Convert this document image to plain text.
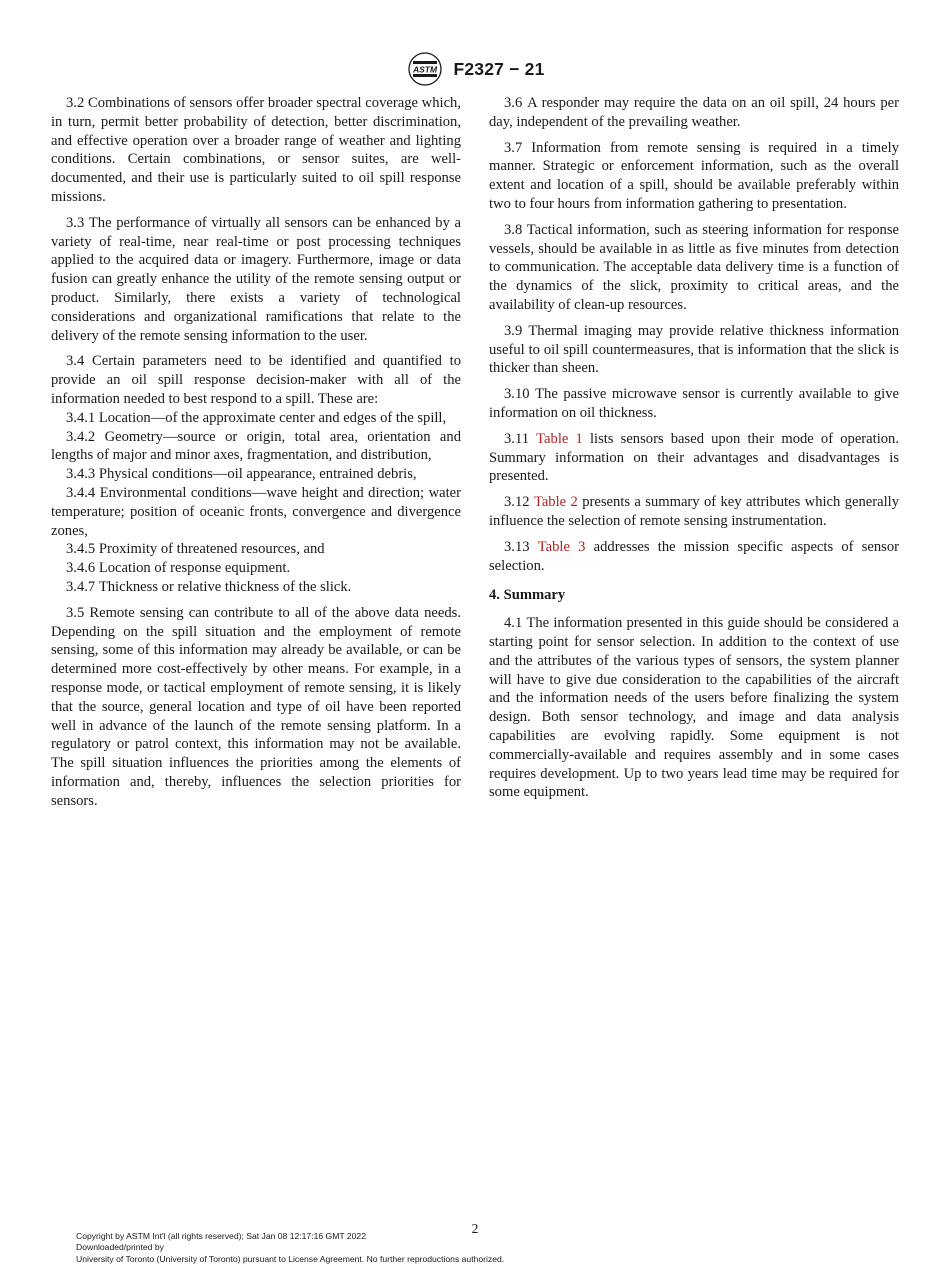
ASTM F2327 − 21

3.2 Combinations of sensors offer broader spectral coverage which, in turn, permit better probability of detection, better discrimination, and effective operation over a broader range of weather and lighting conditions. Certain combinations, or sensor suites, are well-documented, and their use is particularly suited to oil spill response missions.

3.3 The performance of virtually all sensors can be enhanced by a variety of real-time, near real-time or post processing techniques applied to the acquired data or imagery. Furthermore, image or data fusion can greatly enhance the utility of the remote sensing output or product. Similarly, there exists a variety of technological considerations and organizational ramifications that relate to the delivery of the remote sensing information to the user.

3.4 Certain parameters need to be identified and quantified to provide an oil spill response decision-maker with all of the information needed to best respond to a spill. These are:

3.4.1 Location—of the approximate center and edges of the spill,

3.4.2 Geometry—source or origin, total area, orientation and lengths of major and minor axes, fragmentation, and distribution,

3.4.3 Physical conditions—oil appearance, entrained debris,

3.4.4 Environmental conditions—wave height and direction; water temperature; position of oceanic fronts, convergence and divergence zones,

3.4.5 Proximity of threatened resources, and

3.4.6 Location of response equipment.

3.4.7 Thickness or relative thickness of the slick.

3.5 Remote sensing can contribute to all of the above data needs. Depending on the spill situation and the employment of remote sensing, some of this information may already be available, or can be determined more cost-effectively by other means. For example, in a response mode, or tactical employment of remote sensing, it is likely that the source, general location and type of oil have been reported well in advance of the launch of the remote sensing platform. In a regulatory or patrol context, this information may not be available. The spill situation influences the priorities among the elements of information and, thereby, influences the selection priorities for sensors.

3.6 A responder may require the data on an oil spill, 24 hours per day, independent of the prevailing weather.

3.7 Information from remote sensing is required in a timely manner. Strategic or enforcement information, such as the overall extent and location of a spill, should be available preferably within two to four hours from information gathering to presentation.

3.8 Tactical information, such as steering information for response vessels, should be available in as little as five minutes from detection to communication. The acceptable data delivery time is a function of the dynamics of the slick, proximity to critical areas, and the availability of clean-up resources.

3.9 Thermal imaging may provide relative thickness information useful to oil spill countermeasures, that is information that the slick is thicker than sheen.

3.10 The passive microwave sensor is currently available to give information on oil thickness.

3.11 Table 1 lists sensors based upon their mode of operation. Summary information on their advantages and disadvantages is presented.

3.12 Table 2 presents a summary of key attributes which generally influence the selection of remote sensing instrumentation.

3.13 Table 3 addresses the mission specific aspects of sensor selection.

4. Summary

4.1 The information presented in this guide should be considered a starting point for sensor selection. In addition to the context of use and the attributes of the various types of sensors, the system planner will have to give due consideration to the capabilities of the aircraft and the information needs of the users before finalizing the system design. Both sensor technology, and image and data analysis capabilities are evolving rapidly. Some equipment is not commercially-available and requires assembly and in some cases requires development. Up to two years lead time may be required for some equipment.

2
Copyright by ASTM Int'l (all rights reserved); Sat Jan 08 12:17:16 GMT 2022
Downloaded/printed by
University of Toronto (University of Toronto) pursuant to License Agreement. No further reproductions authorized.
